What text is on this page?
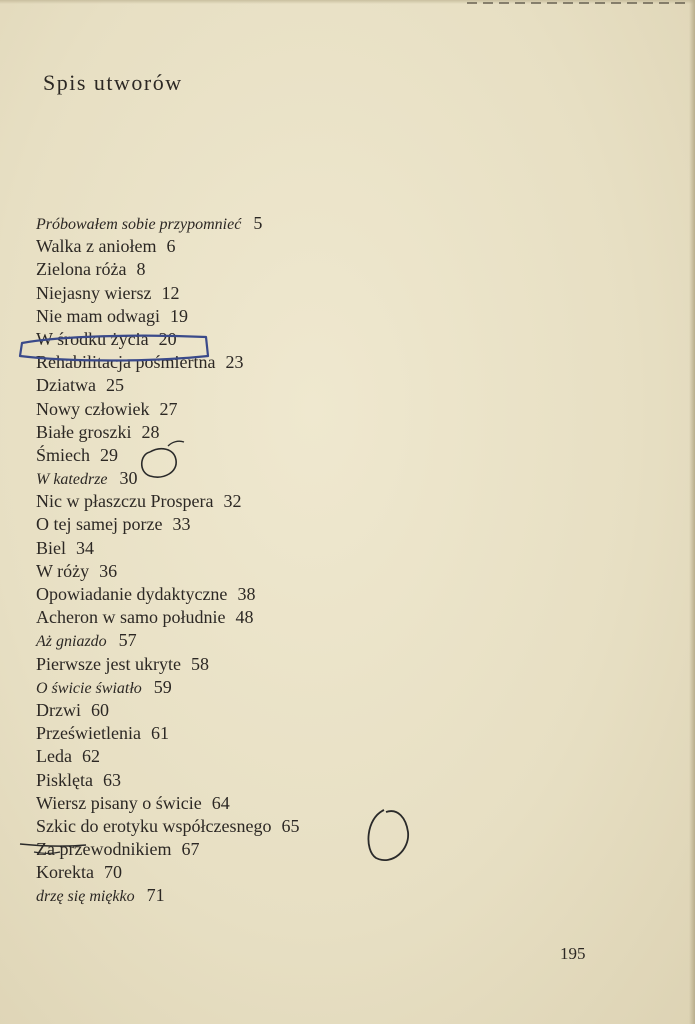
Spis utworów
Próbowałem sobie przypomnieć 5
Walka z aniołem 6
Zielona róża 8
Niejasny wiersz 12
Nie mam odwagi 19
W środku życia 20
Rehabilitacja pośmiertna 23
Dziatwa 25
Nowy człowiek 27
Białe groszki 28
Śmiech 29
W katedrze 30
Nic w płaszczu Prospera 32
O tej samej porze 33
Biel 34
W róży 36
Opowiadanie dydaktyczne 38
Acheron w samo południe 48
Aż gniazdo 57
Pierwsze jest ukryte 58
O świcie światło 59
Drzwi 60
Prześwietlenia 61
Leda 62
Pisklęta 63
Wiersz pisany o świcie 64
Szkic do erotyku współczesnego 65
Za przewodnikiem 67
Korekta 70
drzę się miękko 71
195
